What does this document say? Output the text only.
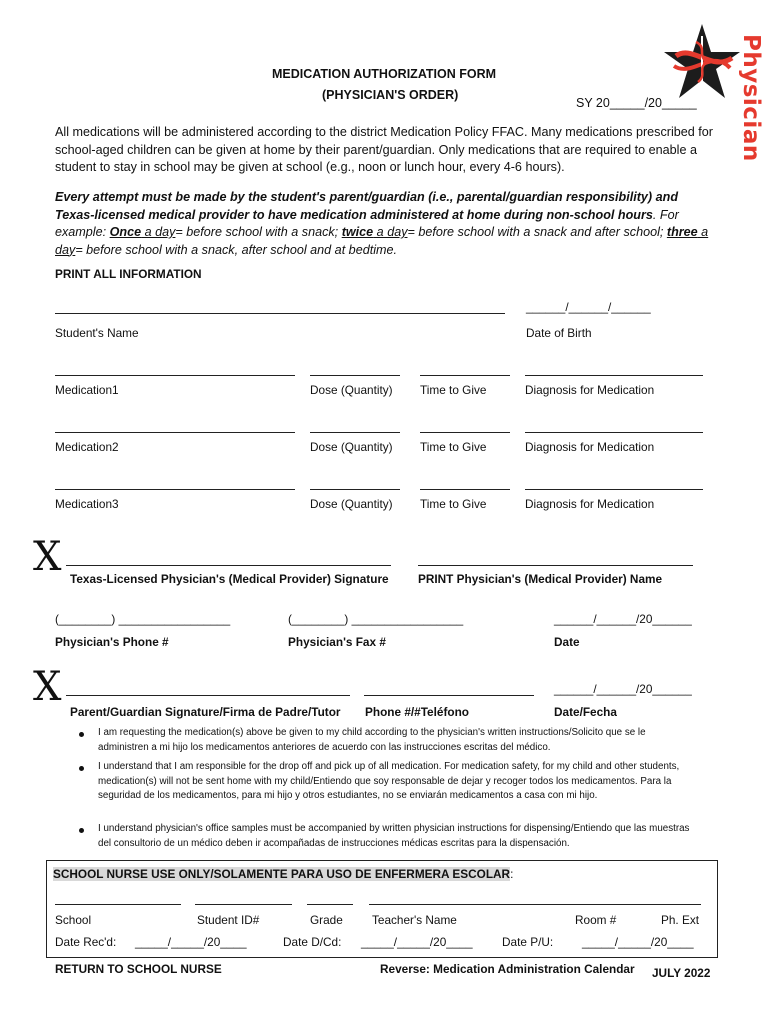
Physician
MEDICATION AUTHORIZATION FORM
(PHYSICIAN'S ORDER)
SY 20_____/20_____
All medications will be administered according to the district Medication Policy FFAC. Many medications prescribed for school-aged children can be given at home by their parent/guardian. Only medications that are required to enable a student to stay in school may be given at school (e.g., noon or lunch hour, every 4-6 hours).
Every attempt must be made by the student's parent/guardian (i.e., parental/guardian responsibility) and Texas-licensed medical provider to have medication administered at home during non-school hours. For example: Once a day= before school with a snack; twice a day= before school with a snack and after school; three a day= before school with a snack, after school and at bedtime.
PRINT ALL INFORMATION
______/______/______
Student's Name	Date of Birth
Medication1	Dose (Quantity) Time to Give	Diagnosis for Medication
Medication2	Dose (Quantity) Time to Give	Diagnosis for Medication
Medication3	Dose (Quantity) Time to Give	Diagnosis for Medication
X Texas-Licensed Physician's (Medical Provider) Signature PRINT Physician's (Medical Provider) Name
(________) _________________	(________) _________________	______/______/20______
Physician's Phone #	Physician's Fax #	Date
X	______/______/20______
Parent/Guardian Signature/Firma de Padre/Tutor Phone #/#Teléfono	Date/Fecha
I am requesting the medication(s) above be given to my child according to the physician's written instructions/Solicito que se le administren a mi hijo los medicamentos anteriores de acuerdo con las instrucciones escritas del médico.
I understand that I am responsible for the drop off and pick up of all medication. For medication safety, for my child and other students, medication(s) will not be sent home with my child/Entiendo que soy responsable de dejar y recoger todos los medicamentos. Para la seguridad de los medicamentos, para mi hijo y otros estudiantes, no se enviarán medicamentos a casa con mi hijo.
I understand physician's office samples must be accompanied by written physician instructions for dispensing/Entiendo que las muestras del consultorio de un médico deben ir acompañadas de instrucciones médicas escritas para la dispensación.
SCHOOL NURSE USE ONLY/SOLAMENTE PARA USO DE ENFERMERA ESCOLAR:
School	Student ID#	Grade Teacher's Name	Room #	Ph. Ext
Date Rec'd: _____/_____/20____	Date D/Cd: _____/_____/20____ Date P/U: _____/_____/20____
RETURN TO SCHOOL NURSE	Reverse: Medication Administration Calendar JULY 2022
